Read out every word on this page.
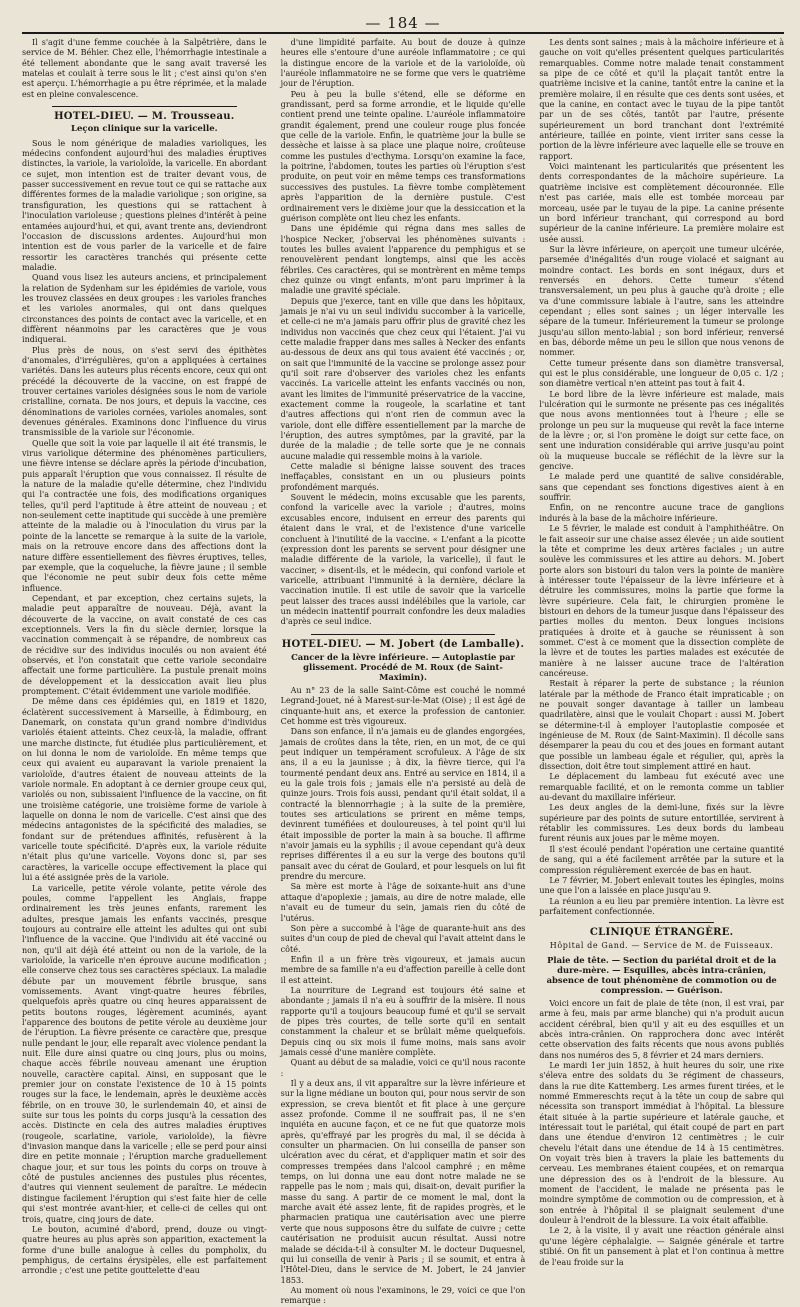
— 184 —

Il s'agit d'une femme couchée à la Salpêtrière, dans le service de M. Béhier. Chez elle, l'hémorrhagie intestinale a été tellement abondante que le sang avait traversé les matelas et coulait à terre sous le lit ; c'est ainsi qu'on s'en est aperçu. L'hémorrhagie a pu être réprimée, et la malade est en pleine convalescence.

HOTEL-DIEU. — M. Trousseau.
Leçon clinique sur la varicelle.

Sous le nom générique de maladies varioliques, les médecins confondent aujourd'hui des maladies éruptives distinctes, la variole, la varioloïde, la varicelle. En abordant ce sujet, mon intention est de traiter devant vous, de passer successivement en revue tout ce qui se rattache aux différentes formes de la maladie variolique ; son origine, sa transfiguration, les questions qui se rattachent à l'inoculation varioleuse ; questions pleines d'intérêt à peine entamées aujourd'hui, et qui, avant trente ans, deviendront l'occasion de discussions ardentes. Aujourd'hui mon intention est de vous parler de la varicelle et de faire ressortir les caractères tranchés qui présente cette maladie.

Quand vous lisez les auteurs anciens, et principalement la relation de Sydenham sur les épidémies de variole, vous les trouvez classées en deux groupes : les varioles franches et les varioles anormales, qui ont dans quelques circonstances des points de contact avec la varicelle, et en diffèrent néanmoins par les caractères que je vous indiquerai.

Plus près de nous, on s'est servi des épithètes d'anomales, d'irrégulières, qu'on a appliquées à certaines variétés. Dans les auteurs plus récents encore, ceux qui ont précédé la découverte de la vaccine, on est frappé de trouver certaines varioles désignées sous le nom de variole cristalline, cornata. De nos jours, et depuis la vaccine, ces dénominations de varioles cornées, varioles anomales, sont devenues générales. Examinons donc l'influence du virus transmissible de la variole sur l'économie.

Quelle que soit la voie par laquelle il ait été transmis, le virus variolique détermine des phénomènes particuliers, une fièvre intense se déclare après la période d'incubation, puis apparaît l'éruption que vous connaissez. Il résulte de la nature de la maladie qu'elle détermine, chez l'individu qui l'a contractée une fois, des modifications organiques telles, qu'il perd l'aptitude à être atteint de nouveau ; et non-seulement cette inaptitude qui succède à une première atteinte de la maladie ou à l'inoculation du virus par la pointe de la lancette se remarque à la suite de la variole, mais on la retrouve encore dans des affections dont la nature diffère essentiellement des fièvres éruptives, telles, par exemple, que la coqueluche, la fièvre jaune ; il semble que l'économie ne peut subir deux fois cette même influence.

Cependant, et par exception, chez certains sujets, la maladie peut apparaître de nouveau. Déjà, avant la découverte de la vaccine, on avait constaté de ces cas exceptionnels. Vers la fin du siècle dernier, lorsque la vaccination commençait à se répandre, de nombreux cas de récidive sur des individus inoculés ou non avaient été observés, et l'on constatait que cette variole secondaire affectait une forme particulière. La pustule prenait moins de développement et la dessiccation avait lieu plus promptement. C'était évidemment une variole modifiée.

De même dans ces épidémies qui, en 1819 et 1820, éclatèrent successivement à Marseille, à Édimbourg, en Danemark, on constata qu'un grand nombre d'individus variolés étaient atteints. Chez ceux-là, la maladie, offrant une marche distincte, fut étudiée plus particulièrement, et on lui donna le nom de varioloïde. En même temps que ceux qui avaient eu auparavant la variole prenaient la varioloïde, d'autres étaient de nouveau atteints de la variole normale. En adoptant à ce dernier groupe ceux qui, variolés ou non, subissaient l'influence de la vaccine, on fit une troisième catégorie, une troisième forme de variole à laquelle on donna le nom de varicelle. C'est ainsi que des médecins antagonistes de la spécificité des maladies, se fondant sur de prétendues affinités, refusèrent à la varicelle toute spécificité. D'après eux, la variole réduite n'était plus qu'une varicelle. Voyons donc si, par ses caractères, la varicelle occupe effectivement la place qui lui a été assignée près de la variole.

La varicelle, petite vérole volante, petite vérole des poules, comme l'appellent les Anglais, frappe ordinairement les très jeunes enfants, rarement les adultes, presque jamais les enfants vaccinés, presque toujours au contraire elle atteint les adultes qui ont subi l'influence de la vaccine. Que l'individu ait été vacciné ou non, qu'il ait déjà été atteint ou non de la variole, de la varioloïde, la varicelle n'en éprouve aucune modification ; elle conserve chez tous ses caractères spéciaux. La maladie débute par un mouvement fébrile brusque, sans vomissements. Avant vingt-quatre heures fébriles, quelquefois après quatre ou cinq heures apparaissent de petits boutons rouges, légèrement acuminés, ayant l'apparence des boutons de petite vérole au deuxième jour de l'éruption. La fièvre présente ce caractère que, presque nulle pendant le jour, elle reparaît avec violence pendant la nuit. Elle dure ainsi quatre ou cinq jours, plus ou moins, chaque accès fébrile nouveau amenant une éruption nouvelle, caractère capital. Ainsi, en supposant que le premier jour on constate l'existence de 10 à 15 points rouges sur la face, le lendemain, après le deuxième accès fébrile, on en trouve 30, le surlendemain 40, et ainsi de suite sur tous les points du corps jusqu'à la cessation des accès. Distincte en cela des autres maladies éruptives (rougeole, scarlatine, variole, varioloïde), la fièvre d'invasion manque dans la varicelle ; elle se perd pour ainsi dire en petite monnaie ; l'éruption marche graduellement chaque jour, et sur tous les points du corps on trouve à côté de pustules anciennes des pustules plus récentes, d'autres qui viennent seulement de paraître. Le médecin distingue facilement l'éruption qui s'est faite hier de celle qui s'est montrée avant-hier, et celle-ci de celles qui ont trois, quatre, cinq jours de date.

Le bouton, acuminé d'abord, prend, douze ou vingt-quatre heures au plus après son apparition, exactement la forme d'une bulle analogue à celles du pompholix, du pemphigus, de certains érysipèles, elle est parfaitement arrondie ; c'est une petite gouttelette d'eau

d'une limpidité parfaite. Au bout de douze à quinze heures elle s'entoure d'une auréole inflammatoire ; ce qui la distingue encore de la variole et de la varioloïde, où l'auréole inflammatoire ne se forme que vers le quatrième jour de l'éruption.

Peu à peu la bulle s'étend, elle se déforme en grandissant, perd sa forme arrondie, et le liquide qu'elle contient prend une teinte opaline. L'auréole inflammatoire grandit également, prend une couleur rouge plus foncée que celle de la variole. Enfin, le quatrième jour la bulle se dessèche et laisse à sa place une plaque noire, croûteuse comme les pustules d'ecthyma. Lorsqu'on examine la face, la poitrine, l'abdomen, toutes les parties où l'éruption s'est produite, on peut voir en même temps ces transformations successives des pustules. La fièvre tombe complètement après l'apparition de la dernière pustule. C'est ordinairement vers le dixième jour que la dessiccation et la guérison complète ont lieu chez les enfants.

Dans une épidémie qui régna dans mes salles de l'hospice Necker, j'observai les phénomènes suivants : toutes les bulles avaient l'apparence du pemphigus et se renouvelèrent pendant longtemps, ainsi que les accès fébriles. Ces caractères, qui se montrèrent en même temps chez quinze ou vingt enfants, m'ont paru imprimer à la maladie une gravité spéciale.

Depuis que j'exerce, tant en ville que dans les hôpitaux, jamais je n'ai vu un seul individu succomber à la varicelle, et celle-ci ne m'a jamais paru offrir plus de gravité chez les individus non vaccinés que chez ceux qui l'étaient. J'ai vu cette maladie frapper dans mes salles à Necker des enfants au-dessous de deux ans qui tous avaient été vaccinés ; or, on sait que l'immunité de la vaccine se prolonge assez pour qu'il soit rare d'observer des varioles chez les enfants vaccinés. La varicelle atteint les enfants vaccinés ou non, avant les limites de l'immunité préservatrice de la vaccine, exactement comme la rougeole, la scarlatine et tant d'autres affections qui n'ont rien de commun avec la variole, dont elle diffère essentiellement par la marche de l'éruption, des autres symptômes, par la gravité, par la durée de la maladie ; de telle sorte que je ne connais aucune maladie qui ressemble moins à la variole.

Cette maladie si bénigne laisse souvent des traces ineffaçables, consistant en un ou plusieurs points profondément marqués.

Souvent le médecin, moins excusable que les parents, confond la varicelle avec la variole ; d'autres, moins excusables encore, induisent en erreur des parents qui étaient dans le vrai, et de l'existence d'une varicelle concluent à l'inutilité de la vaccine. « L'enfant a la picotte (expression dont les parents se servent pour désigner une maladie différente de la variole, la varicelle), il faut le vacciner, » disent-ils, et le médecin, qui confond variole et varicelle, attribuant l'immunité à la dernière, déclare la vaccination inutile. Il est utile de savoir que la varicelle peut laisser des traces aussi indélébiles que la variole, car un médecin inattentif pourrait confondre les deux maladies d'après ce seul indice.

HOTEL-DIEU. — M. Jobert (de Lamballe).
Cancer de la lèvre inférieure. — Autoplastie par glissement. Procédé de M. Roux (de Saint-Maximin).

Au n° 23 de la salle Saint-Côme est couché le nommé Legrand-Jouet, né à Marest-sur-le-Mat (Oise) ; il est âgé de cinquante-huit ans, et exerce la profession de cantonier. Cet homme est très vigoureux.

Dans son enfance, il n'a jamais eu de glandes engorgées, jamais de croûtes dans la tête, rien, en un mot, de ce qui peut indiquer un tempérament scrofuleux. A l'âge de six ans, il a eu la jaunisse ; à dix, la fièvre tierce, qui l'a tourmenté pendant deux ans. Entré au service en 1814, il a eu la gale trois fois ; jamais elle n'a persisté au delà de quinze jours. Trois fois aussi, pendant qu'il était soldat, il a contracté la blennorrhagie ; à la suite de la première, toutes ses articulations se prirent en même temps, devinrent tuméfiées et douloureuses, à tel point qu'il lui était impossible de porter la main à sa bouche. Il affirme n'avoir jamais eu la syphilis ; il avoue cependant qu'à deux reprises différentes il a eu sur la verge des boutons qu'il pansait avec du cérat de Goulard, et pour lesquels on lui fit prendre du mercure.

Sa mère est morte à l'âge de soixante-huit ans d'une attaque d'apoplexie ; jamais, au dire de notre malade, elle n'avait eu de tumeur du sein, jamais rien du côté de l'utérus.

Son père a succombé à l'âge de quarante-huit ans des suites d'un coup de pied de cheval qui l'avait atteint dans le côté.

Enfin il a un frère très vigoureux, et jamais aucun membre de sa famille n'a eu d'affection pareille à celle dont il est atteint.

La nourriture de Legrand est toujours été saine et abondante ; jamais il n'a eu à souffrir de la misère. Il nous rapporte qu'il a toujours beaucoup fumé et qu'il se servait de pipes très courtes, de telle sorte qu'il en sentait constamment la chaleur et se brûlait même quelquefois. Depuis cinq ou six mois il fume moins, mais sans avoir jamais cessé d'une manière complète.

Quant au début de sa maladie, voici ce qu'il nous raconte :

Il y a deux ans, il vit apparaître sur la lèvre inférieure et sur la ligne médiane un bouton qui, pour nous servir de son expression, se creva bientôt et fit place à une gerçure assez profonde. Comme il ne souffrait pas, il ne s'en inquiéta en aucune façon, et ce ne fut que quatorze mois après, qu'effrayé par les progrès du mal, il se décida à consulter un pharmacien. On lui conseilla de panser son ulcération avec du cérat, et d'appliquer matin et soir des compresses trempées dans l'alcool camphré ; en même temps, on lui donna une eau dont notre malade ne se rappelle pas le nom ; mais qui, disait-on, devait purifier la masse du sang. A partir de ce moment le mal, dont la marche avait été assez lente, fit de rapides progrès, et le pharmacien pratiqua une cautérisation avec une pierre verte que nous supposons être du sulfate de cuivre ; cette cautérisation ne produisit aucun résultat. Aussi notre malade se décida-t-il à consulter M. le docteur Duquesnel, qui lui conseilla de venir à Paris ; il se soumit, et entra à l'Hôtel-Dieu, dans le service de M. Jobert, le 24 janvier 1853.

Au moment où nous l'examinons, le 29, voici ce que l'on remarque :

Les dents sont saines ; mais à la mâchoire inférieure et à gauche on voit qu'elles présentent quelques particularités remarquables. Comme notre malade tenait constamment sa pipe de ce côté et qu'il la plaçait tantôt entre la quatrième incisive et la canine, tantôt entre la canine et la première molaire, il en résulte que ces dents sont usées, et que la canine, en contact avec le tuyau de la pipe tantôt par un de ses côtés, tantôt par l'autre, présente supérieurement un bord tranchant dont l'extrémité antérieure, taillée en pointe, vient irriter sans cesse la portion de la lèvre inférieure avec laquelle elle se trouve en rapport.

Voici maintenant les particularités que présentent les dents correspondantes de la mâchoire supérieure. La quatrième incisive est complètement découronnée. Elle n'est pas cariée, mais elle est tombée morceau par morceau, usée par le tuyau de la pipe. La canine présente un bord inférieur tranchant, qui correspond au bord supérieur de la canine inférieure. La première molaire est usée aussi.

Sur la lèvre inférieure, on aperçoit une tumeur ulcérée, parsemée d'inégalités d'un rouge violacé et saignant au moindre contact. Les bords en sont inégaux, durs et renversés en dehors. Cette tumeur s'étend transversalement, un peu plus à gauche qu'à droite ; elle va d'une commissure labiale à l'autre, sans les atteindre cependant ; elles sont saines ; un léger intervalle les sépare de la tumeur. Inférieurement la tumeur se prolonge jusqu'au sillon mento-labial ; son bord inférieur, renversé en bas, déborde même un peu le sillon que nous venons de nommer.

Cette tumeur présente dans son diamètre transversal, qui est le plus considérable, une longueur de 0,05 c. 1/2 ; son diamètre vertical n'en atteint pas tout à fait 4.

Le bord libre de la lèvre inférieure est malade, mais l'ulcération qui le surmonte ne présente pas ces inégalités que nous avons mentionnées tout à l'heure ; elle se prolonge un peu sur la muqueuse qui revêt la face interne de la lèvre ; or, si l'on promène le doigt sur cette face, on sent une induration considérable qui arrive jusqu'au point où la muqueuse buccale se réfléchit de la lèvre sur la gencive.

Le malade perd une quantité de salive considérable, sans que cependant ses fonctions digestives aient à en souffrir.

Enfin, on ne rencontre aucune trace de ganglions indurés à la base de la mâchoire inférieure.

Le 5 février, le malade est conduit à l'amphithéâtre. On le fait asseoir sur une chaise assez élevée ; un aide soutient la tête et comprime les deux artères faciales ; un autre soulève les commissures et les attire au dehors. M. Jobert porte alors son bistouri du talon vers la pointe de manière à intéresser toute l'épaisseur de la lèvre inférieure et à détruire les commissures, moins la partie que forme la lèvre supérieure. Cela fait, le chirurgien promène le bistouri en dehors de la tumeur jusque dans l'épaisseur des parties molles du menton. Deux longues incisions pratiquées à droite et à gauche se réunissent à son sommet. C'est à ce moment que la dissection complète de la lèvre et de toutes les parties malades est exécutée de manière à ne laisser aucune trace de l'altération cancéreuse.

Restait à réparer la perte de substance ; la réunion latérale par la méthode de Franco était impraticable ; on ne pouvait songer davantage à tailler un lambeau quadrilatère, ainsi que le voulait Chopart : aussi M. Jobert se détermine-t-il à employer l'autoplastie composée et ingénieuse de M. Roux (de Saint-Maximin). Il décolle sans désemparer la peau du cou et des joues en formant autant que possible un lambeau égale et régulier, qui, après la dissection, doit être tout simplement attiré en haut.

Le déplacement du lambeau fut exécuté avec une remarquable facilité, et on le remonta comme un tablier au-devant du maxillaire inférieur.

Les deux angles de la demi-lune, fixés sur la lèvre supérieure par des points de suture entortillée, servirent à rétablir les commissures. Les deux bords du lambeau furent réunis aux joues par le même moyen.

Il s'est écoulé pendant l'opération une certaine quantité de sang, qui a été facilement arrêtée par la suture et la compression régulièrement exercée de bas en haut.

Le 7 février, M. Jobert enlevait toutes les épingles, moins une que l'on a laissée en place jusqu'au 9.

La réunion a eu lieu par première intention. La lèvre est parfaitement confectionnée.

CLINIQUE ÉTRANGÈRE.
Hôpital de Gand. — Service de M. de Fuisseaux.
Plaie de tête. — Section du pariétal droit et de la dure-mère. — Esquilles, abcès intra-crânien, absence de tout phénomène de commotion ou de compression. — Guérison.

Voici encore un fait de plaie de tête (non, il est vrai, par arme à feu, mais par arme blanche) qui n'a produit aucun accident cérébral, bien qu'il y ait eu des esquilles et un abcès intra-crânien. On rapprochera donc avec intérêt cette observation des faits récents que nous avons publiés dans nos numéros des 5, 8 février et 24 mars derniers.

Le mardi 1er juin 1852, à huit heures du soir, une rixe s'éleva entre des soldats du 3e régiment de chasseurs, dans la rue dite Kattemberg. Les armes furent tirées, et le nommé Emmereschts reçut à la tête un coup de sabre qui nécessita son transport immédiat à l'hôpital. La blessure était située à la partie supérieure et latérale gauche, et intéressait tout le pariétal, qui était coupé de part en part dans une étendue d'environ 12 centimètres ; le cuir chevelu l'était dans une étendue de 14 à 15 centimètres. On voyait très bien à travers la plaie les battements du cerveau. Les membranes étaient coupées, et on remarqua une dépression des os à l'endroit de la blessure. Au moment de l'accident, le malade ne présenta pas le moindre symptôme de commotion ou de compression, et à son entrée à l'hôpital il se plaignait seulement d'une douleur à l'endroit de la blessure. La voix était affaiblie.

Le 2, à la visite, il y avait une réaction générale ainsi qu'une légère céphalalgie. — Saignée générale et tartre stibié. On fit un pansement à plat et l'on continua à mettre de l'eau froide sur la
